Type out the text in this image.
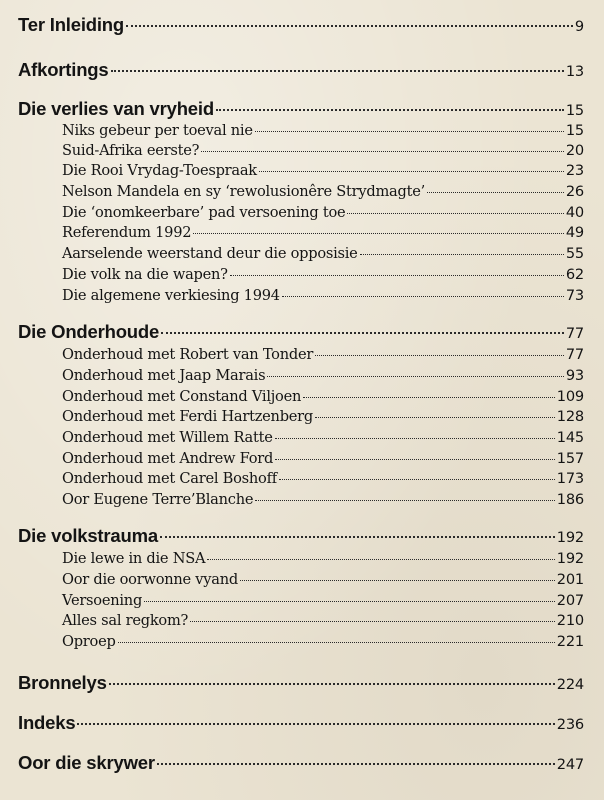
Ter Inleiding	9
Afkortings	13
Die verlies van vryheid	15
Niks gebeur per toeval nie	15
Suid-Afrika eerste?	20
Die Rooi Vrydag-Toespraak	23
Nelson Mandela en sy ‘rewolusionêre Strydmagte’	26
Die ‘onomkeerbare’ pad versoening toe	40
Referendum 1992	49
Aarselende weerstand deur die opposisie	55
Die volk na die wapen?	62
Die algemene verkiesing 1994	73
Die Onderhoude	77
Onderhoud met Robert van Tonder	77
Onderhoud met Jaap Marais	93
Onderhoud met Constand Viljoen	109
Onderhoud met Ferdi Hartzenberg	128
Onderhoud met Willem Ratte	145
Onderhoud met Andrew Ford	157
Onderhoud met Carel Boshoff	173
Oor Eugene Terre’Blanche	186
Die volkstrauma	192
Die lewe in die NSA	192
Oor die oorwonne vyand	201
Versoening	207
Alles sal regkom?	210
Oproep	221
Bronnelys	224
Indeks	236
Oor die skrywer	247
